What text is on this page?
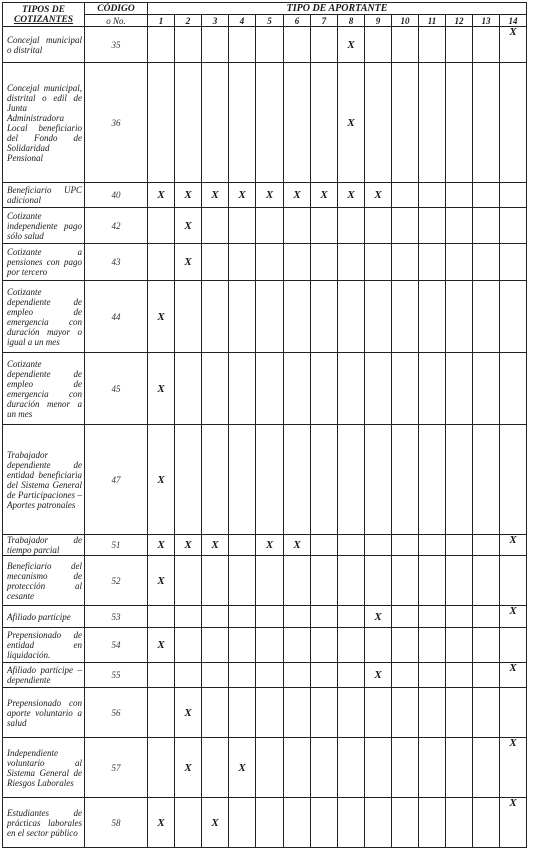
TIPOS DE
COTIZANTES	CÓDIGO	TIPO DE APORTANTE													
	o No.	1	2	3	4	5	6	7	8	9	10	11	12	13	14
Concejal municipal o distrital	35								X						X

Concejal municipal, distrital o edil de Junta Administradora Local beneficiario del Fondo de Solidaridad Pensional	36								X						
Beneficiario UPC adicional	40	X	X	X	X	X	X	X	X	X					
Cotizante independiente pago sólo salud	42		X												
Cotizante a pensiones con pago por tercero	43		X												
Cotizante dependiente de empleo de emergencia con duración mayor o igual a un mes	44	X													
Cotizante dependiente de empleo de emergencia con duración menor a un mes	45	X													
Trabajador dependiente de entidad beneficiaria del Sistema General de Participaciones – Aportes patronales	47	X													
Trabajador de tiempo parcial	51	X	X	X		X	X								X

Beneficiario del mecanismo de protección al cesante	52	X													
Afiliado partícipe	53									X					X

Prepensionado de entidad en liquidación.	54	X													
Afiliado partícipe – dependiente	55									X					X

Prepensionado con aporte voluntario a salud	56		X												
Independiente voluntario al Sistema General de Riesgos Laborales	57		X		X										X

Estudiantes de prácticas laborales en el sector público	58	X		X											X
